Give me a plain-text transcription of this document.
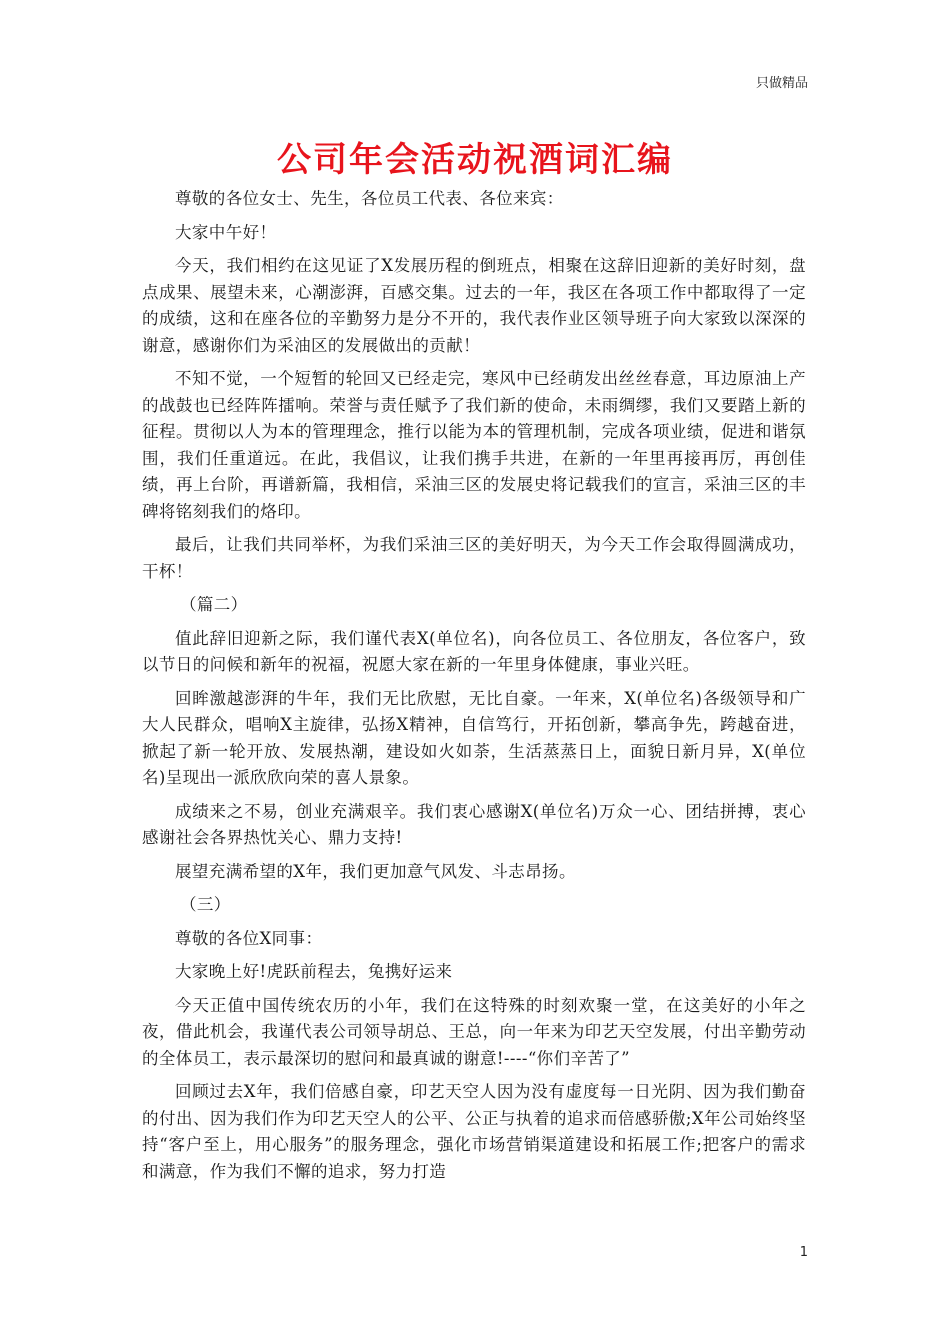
只做精品
公司年会活动祝酒词汇编

尊敬的各位女士、先生，各位员工代表、各位来宾：

大家中午好！

今天，我们相约在这见证了X发展历程的倒班点，相聚在这辞旧迎新的美好时刻，盘点成果、展望未来，心潮澎湃，百感交集。过去的一年，我区在各项工作中都取得了一定的成绩，这和在座各位的辛勤努力是分不开的，我代表作业区领导班子向大家致以深深的谢意，感谢你们为采油区的发展做出的贡献！

不知不觉，一个短暂的轮回又已经走完，寒风中已经萌发出丝丝春意，耳边原油上产的战鼓也已经阵阵擂响。荣誉与责任赋予了我们新的使命，未雨绸缪，我们又要踏上新的征程。贯彻以人为本的管理理念，推行以能为本的管理机制，完成各项业绩，促进和谐氛围，我们任重道远。在此，我倡议，让我们携手共进，在新的一年里再接再厉，再创佳绩，再上台阶，再谱新篇，我相信，采油三区的发展史将记载我们的宣言，采油三区的丰碑将铭刻我们的烙印。

最后，让我们共同举杯，为我们采油三区的美好明天，为今天工作会取得圆满成功，干杯！

（篇二）

值此辞旧迎新之际，我们谨代表X(单位名)，向各位员工、各位朋友，各位客户，致以节日的问候和新年的祝福，祝愿大家在新的一年里身体健康，事业兴旺。

回眸激越澎湃的牛年，我们无比欣慰，无比自豪。一年来，X(单位名)各级领导和广大人民群众，唱响X主旋律，弘扬X精神，自信笃行，开拓创新，攀高争先，跨越奋进，掀起了新一轮开放、发展热潮，建设如火如荼，生活蒸蒸日上，面貌日新月异，X(单位名)呈现出一派欣欣向荣的喜人景象。

成绩来之不易，创业充满艰辛。我们衷心感谢X(单位名)万众一心、团结拼搏，衷心感谢社会各界热忱关心、鼎力支持!

展望充满希望的X年，我们更加意气风发、斗志昂扬。

（三）

尊敬的各位X同事：

大家晚上好!虎跃前程去，兔携好运来

今天正值中国传统农历的小年，我们在这特殊的时刻欢聚一堂，在这美好的小年之夜，借此机会，我谨代表公司领导胡总、王总，向一年来为印艺天空发展，付出辛勤劳动的全体员工，表示最深切的慰问和最真诚的谢意!----“你们辛苦了”

回顾过去X年，我们倍感自豪，印艺天空人因为没有虚度每一日光阴、因为我们勤奋的付出、因为我们作为印艺天空人的公平、公正与执着的追求而倍感骄傲;X年公司始终坚持“客户至上，用心服务”的服务理念，强化市场营销渠道建设和拓展工作;把客户的需求和满意，作为我们不懈的追求，努力打造

1
